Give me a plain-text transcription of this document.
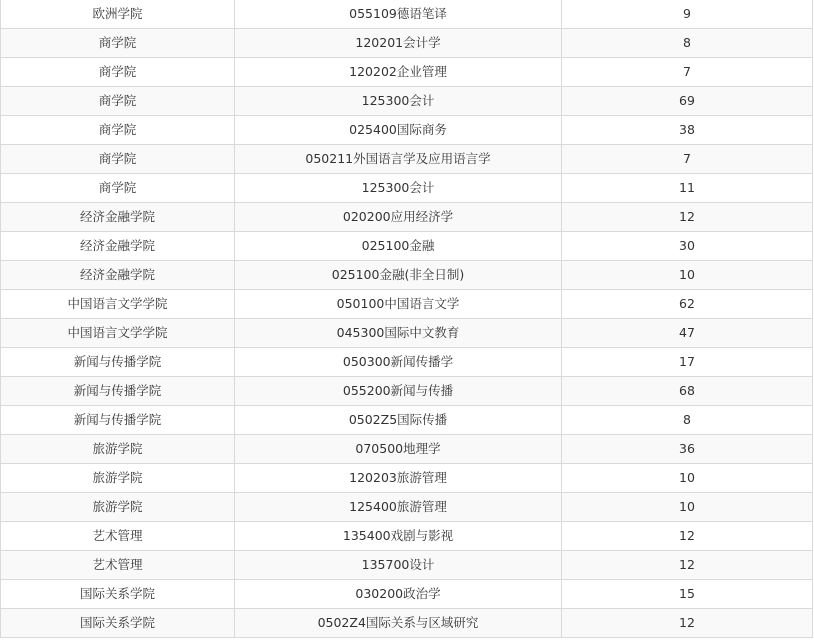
欧洲学院	055109德语笔译	9
商学院	120201会计学	8
商学院	120202企业管理	7
商学院	125300会计	69
商学院	025400国际商务	38
商学院	050211外国语言学及应用语言学	7
商学院	125300会计	11
经济金融学院	020200应用经济学	12
经济金融学院	025100金融	30
经济金融学院	025100金融(非全日制)	10
中国语言文学学院	050100中国语言文学	62
中国语言文学学院	045300国际中文教育	47
新闻与传播学院	050300新闻传播学	17
新闻与传播学院	055200新闻与传播	68
新闻与传播学院	0502Z5国际传播	8
旅游学院	070500地理学	36
旅游学院	120203旅游管理	10
旅游学院	125400旅游管理	10
艺术管理	135400戏剧与影视	12
艺术管理	135700设计	12
国际关系学院	030200政治学	15
国际关系学院	0502Z4国际关系与区域研究	12
